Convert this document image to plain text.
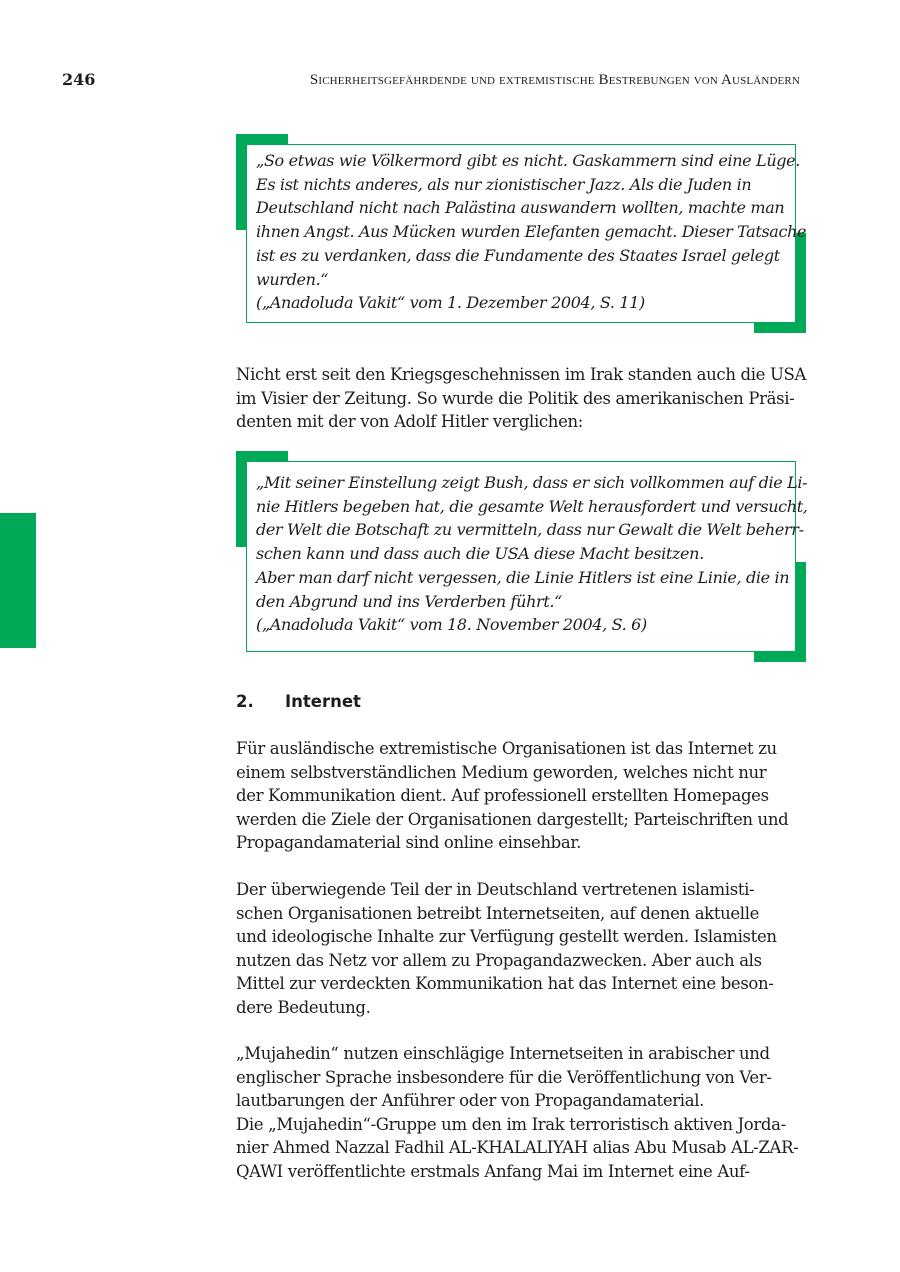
246	Sicherheitsgefährdende und extremistische Bestrebungen von Ausländern
„So etwas wie Völkermord gibt es nicht. Gaskammern sind eine Lüge.
Es ist nichts anderes, als nur zionistischer Jazz. Als die Juden in
Deutschland nicht nach Palästina auswandern wollten, machte man
ihnen Angst. Aus Mücken wurden Elefanten gemacht. Dieser Tatsache
ist es zu verdanken, dass die Fundamente des Staates Israel gelegt
wurden.“
(„Anadoluda Vakit“ vom 1. Dezember 2004, S. 11)
Nicht erst seit den Kriegsgeschehnissen im Irak standen auch die USA
im Visier der Zeitung. So wurde die Politik des amerikanischen Präsi-
denten mit der von Adolf Hitler verglichen:
„Mit seiner Einstellung zeigt Bush, dass er sich vollkommen auf die Li-
nie Hitlers begeben hat, die gesamte Welt herausfordert und versucht,
der Welt die Botschaft zu vermitteln, dass nur Gewalt die Welt beherr-
schen kann und dass auch die USA diese Macht besitzen.
Aber man darf nicht vergessen, die Linie Hitlers ist eine Linie, die in
den Abgrund und ins Verderben führt.“
(„Anadoluda Vakit“ vom 18. November 2004, S. 6)
2. Internet
Für ausländische extremistische Organisationen ist das Internet zu
einem selbstverständlichen Medium geworden, welches nicht nur
der Kommunikation dient. Auf professionell erstellten Homepages
werden die Ziele der Organisationen dargestellt; Parteischriften und
Propagandamaterial sind online einsehbar.
Der überwiegende Teil der in Deutschland vertretenen islamisti-
schen Organisationen betreibt Internetseiten, auf denen aktuelle
und ideologische Inhalte zur Verfügung gestellt werden. Islamisten
nutzen das Netz vor allem zu Propagandazwecken. Aber auch als
Mittel zur verdeckten Kommunikation hat das Internet eine beson-
dere Bedeutung.
„Mujahedin“ nutzen einschlägige Internetseiten in arabischer und
englischer Sprache insbesondere für die Veröffentlichung von Ver-
lautbarungen der Anführer oder von Propagandamaterial.
Die „Mujahedin“-Gruppe um den im Irak terroristisch aktiven Jorda-
nier Ahmed Nazzal Fadhil AL-KHALALIYAH alias Abu Musab AL-ZAR-
QAWI veröffentlichte erstmals Anfang Mai im Internet eine Auf-
